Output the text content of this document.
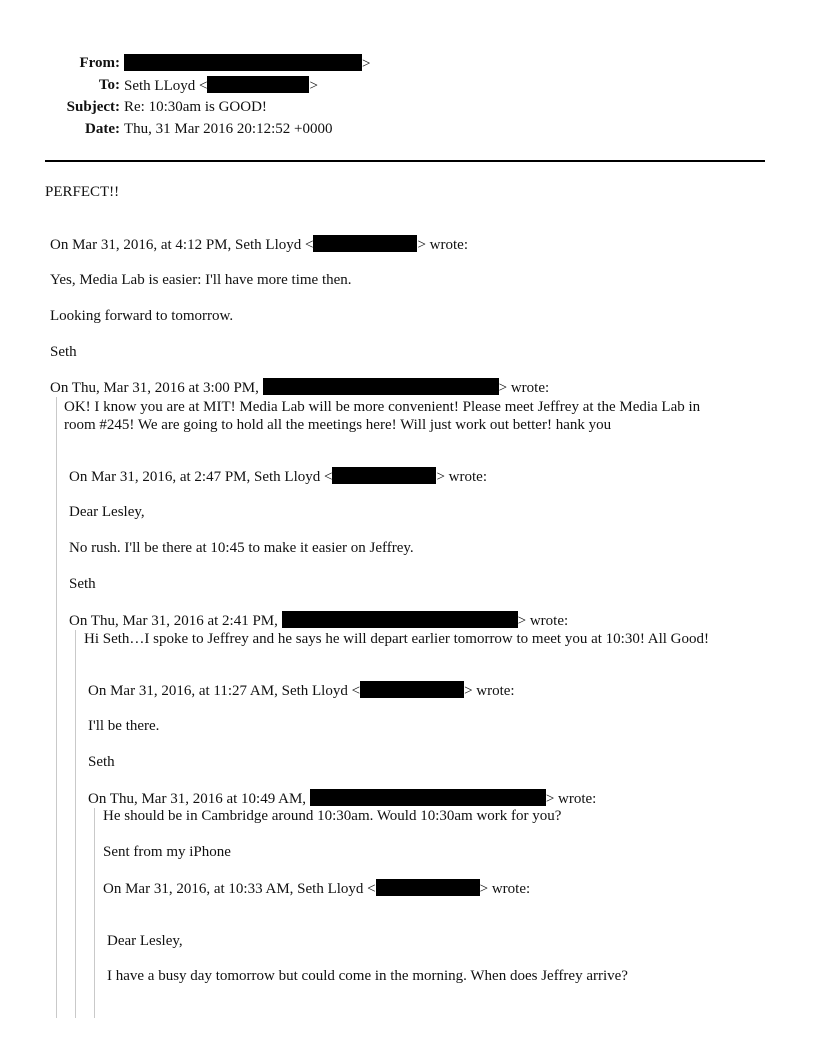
From:	>
To: Seth LLoyd <	>
Subject: Re: 10:30am is GOOD!
Date: Thu, 31 Mar 2016 20:12:52 +0000
PERFECT!!
On Mar 31, 2016, at 4:12 PM, Seth Lloyd <	> wrote:
Yes, Media Lab is easier: I'll have more time then.
Looking forward to tomorrow.
Seth
On Thu, Mar 31, 2016 at 3:00 PM,	> wrote:
OK! I know you are at MIT! Media Lab will be more convenient! Please meet Jeffrey at the Media Lab in
room #245! We are going to hold all the meetings here! Will just work out better! hank you
On Mar 31, 2016, at 2:47 PM, Seth Lloyd <	> wrote:
Dear Lesley,
No rush. I'll be there at 10:45 to make it easier on Jeffrey.
Seth
On Thu, Mar 31, 2016 at 2:41 PM,	> wrote:
Hi Seth…I spoke to Jeffrey and he says he will depart earlier tomorrow to meet you at 10:30! All Good!
On Mar 31, 2016, at 11:27 AM, Seth Lloyd <	> wrote:
I'll be there.
Seth
On Thu, Mar 31, 2016 at 10:49 AM,	> wrote:
He should be in Cambridge around 10:30am. Would 10:30am work for you?
Sent from my iPhone
On Mar 31, 2016, at 10:33 AM, Seth Lloyd <	> wrote:
Dear Lesley,
I have a busy day tomorrow but could come in the morning. When does Jeffrey arrive?
